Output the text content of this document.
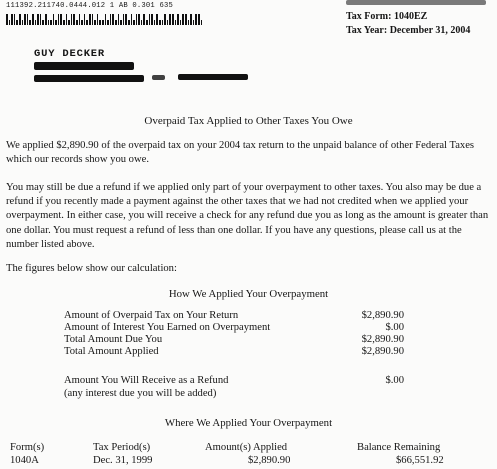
111392.211740.0444.012 1 AB 0.301 635
Tax Form: 1040EZ
Tax Year: December 31, 2004
GUY DECKER
Overpaid Tax Applied to Other Taxes You Owe
We applied $2,890.90 of the overpaid tax on your 2004 tax return to the unpaid balance of other Federal Taxes which our records show you owe.
You may still be due a refund if we applied only part of your overpayment to other taxes. You also may be due a refund if you recently made a payment against the other taxes that we had not credited when we applied your overpayment. In either case, you will receive a check for any refund due you as long as the amount is greater than one dollar. You must request a refund of less than one dollar. If you have any questions, please call us at the number listed above.
The figures below show our calculation:
How We Applied Your Overpayment
Amount of Overpaid Tax on Your Return	$2,890.90
Amount of Interest You Earned on Overpayment	$.00
Total Amount Due You	$2,890.90
Total Amount Applied	$2,890.90
Amount You Will Receive as a Refund	$.00
(any interest due you will be added)
Where We Applied Your Overpayment
Form(s)	Tax Period(s)	Amount(s) Applied	Balance Remaining
1040A	Dec. 31, 1999	$2,890.90	$66,551.92
